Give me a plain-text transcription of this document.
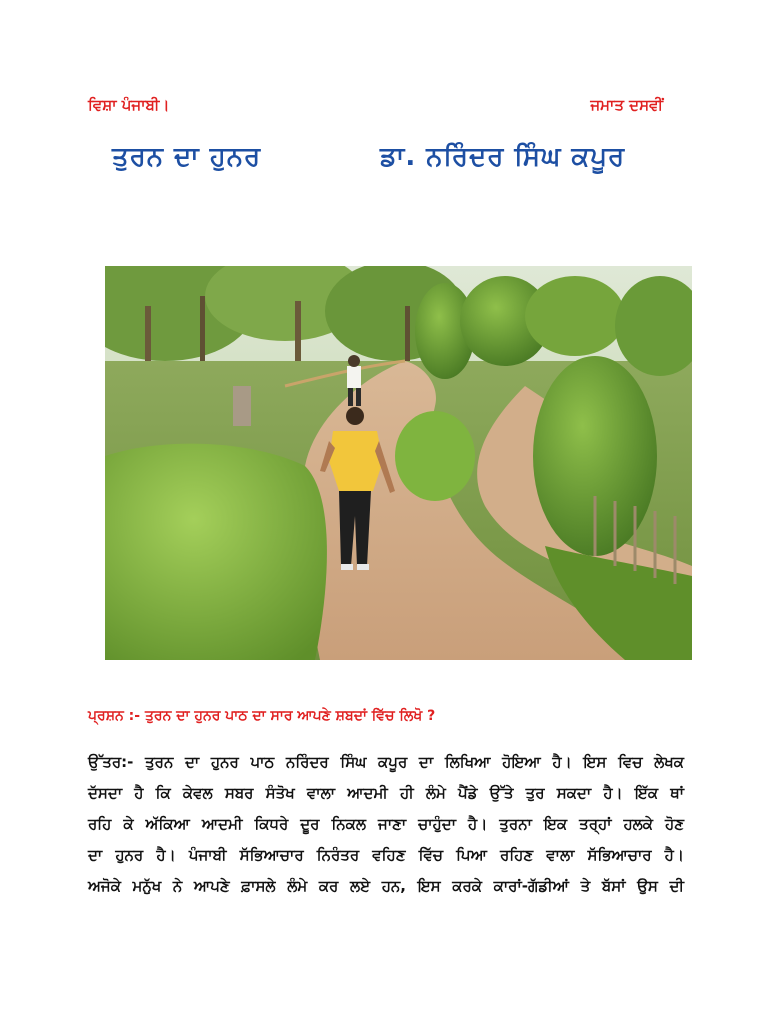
ਵਿਸ਼ਾ ਪੰਜਾਬੀ।	ਜਮਾਤ ਦਸਵੀਂ
ਤੁਰਨ ਦਾ ਹੁਨਰ	ਡਾ. ਨਰਿੰਦਰ ਸਿੰਘ ਕਪੂਰ
ਪ੍ਰਸ਼ਨ :- ਤੁਰਨ ਦਾ ਹੁਨਰ ਪਾਠ ਦਾ ਸਾਰ ਆਪਣੇ ਸ਼ਬਦਾਂ ਵਿੱਚ ਲਿਖੋ ?
ਉੱਤਰ:- ਤੁਰਨ ਦਾ ਹੁਨਰ ਪਾਠ ਨਰਿੰਦਰ ਸਿੰਘ ਕਪੂਰ ਦਾ ਲਿਖਿਆ ਹੋਇਆ ਹੈ। ਇਸ ਵਿਚ ਲੇਖਕ
ਦੱਸਦਾ ਹੈ ਕਿ ਕੇਵਲ ਸਬਰ ਸੰਤੋਖ ਵਾਲਾ ਆਦਮੀ ਹੀ ਲੰਮੇ ਪੈਂਡੇ ਉੱਤੇ ਤੁਰ ਸਕਦਾ ਹੈ। ਇੱਕ ਥਾਂ
ਰਹਿ ਕੇ ਅੱਕਿਆ ਆਦਮੀ ਕਿਧਰੇ ਦੂਰ ਨਿਕਲ ਜਾਣਾ ਚਾਹੁੰਦਾ ਹੈ। ਤੁਰਨਾ ਇਕ ਤਰ੍ਹਾਂ ਹਲਕੇ ਹੋਣ
ਦਾ ਹੁਨਰ ਹੈ। ਪੰਜਾਬੀ ਸੱਭਿਆਚਾਰ ਨਿਰੰਤਰ ਵਹਿਣ ਵਿੱਚ ਪਿਆ ਰਹਿਣ ਵਾਲਾ ਸੱਭਿਆਚਾਰ ਹੈ।
ਅਜੋਕੇ ਮਨੁੱਖ ਨੇ ਆਪਣੇ ਫ਼ਾਸਲੇ ਲੰਮੇ ਕਰ ਲਏ ਹਨ, ਇਸ ਕਰਕੇ ਕਾਰਾਂ-ਗੱਡੀਆਂ ਤੇ ਬੱਸਾਂ ਉਸ ਦੀ
